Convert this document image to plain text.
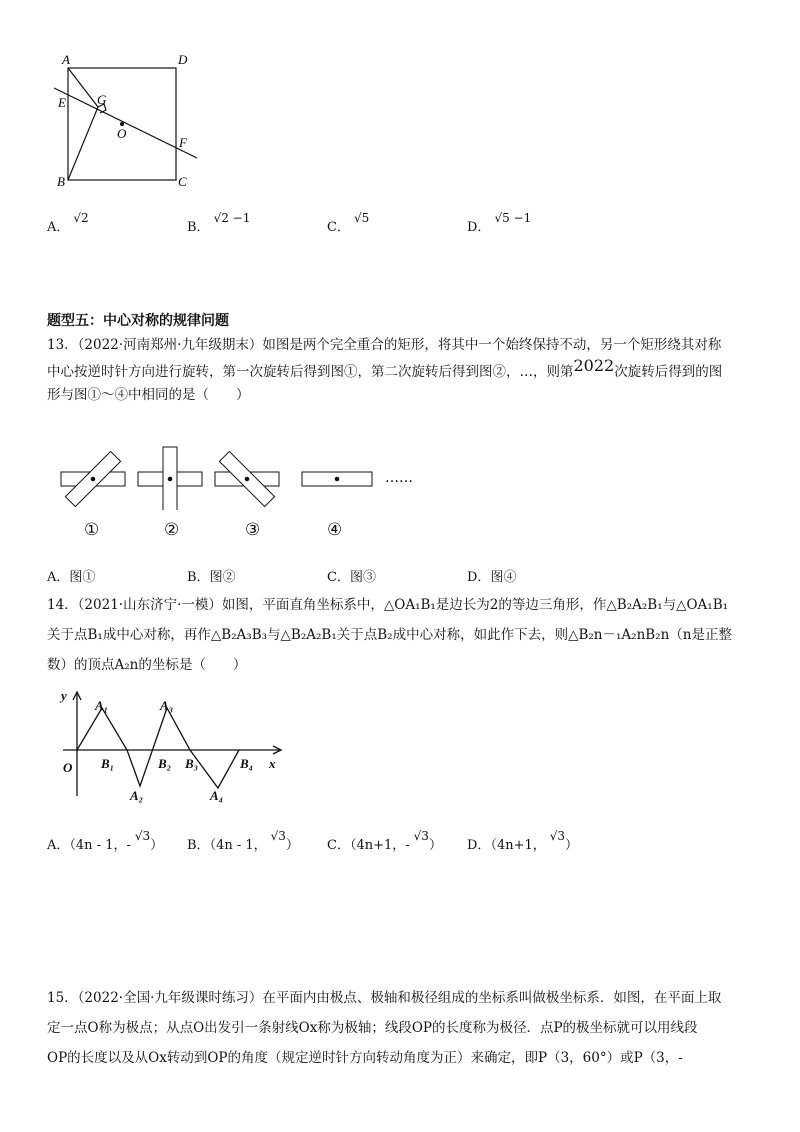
A	D
E G
O
F
B	C
A．√2
B．√2 −1
C．√5
D．√5 −1
题型五：中心对称的规律问题
13．（2022·河南郑州·九年级期末）如图是两个完全重合的矩形，将其中一个始终保持不动，另一个矩形绕其对称
中心按逆时针方向进行旋转，第一次旋转后得到图①，第二次旋转后得到图②，…，则第2022次旋转后得到的图
形与图①～④中相同的是（　　）
……
①	②	③	④
A．图①	B．图②	C．图③	D．图④
14．（2021·山东济宁·一模）如图，平面直角坐标系中，△OA₁B₁是边长为2的等边三角形，作△B₂A₂B₁与△OA₁B₁
关于点B₁成中心对称，再作△B₂A₃B₃与△B₂A₂B₁关于点B₂成中心对称，如此作下去，则△B₂n－₁A₂nB₂n（n是正整
数）的顶点A₂n的坐标是（　　）
y
x
O
A₁
B₁
A₂
A₃
B₂ B₃
A₄
B₄
A．（4n - 1，-√3） B．（4n - 1，√3） C．（4n+1，-√3） D．（4n+1，√3）
15．（2022·全国·九年级课时练习）在平面内由极点、极轴和极径组成的坐标系叫做极坐标系．如图，在平面上取
定一点O称为极点；从点O出发引一条射线Ox称为极轴；线段OP的长度称为极径．点P的极坐标就可以用线段
OP的长度以及从Ox转动到OP的角度（规定逆时针方向转动角度为正）来确定，即P（3，60°）或P（3，-
